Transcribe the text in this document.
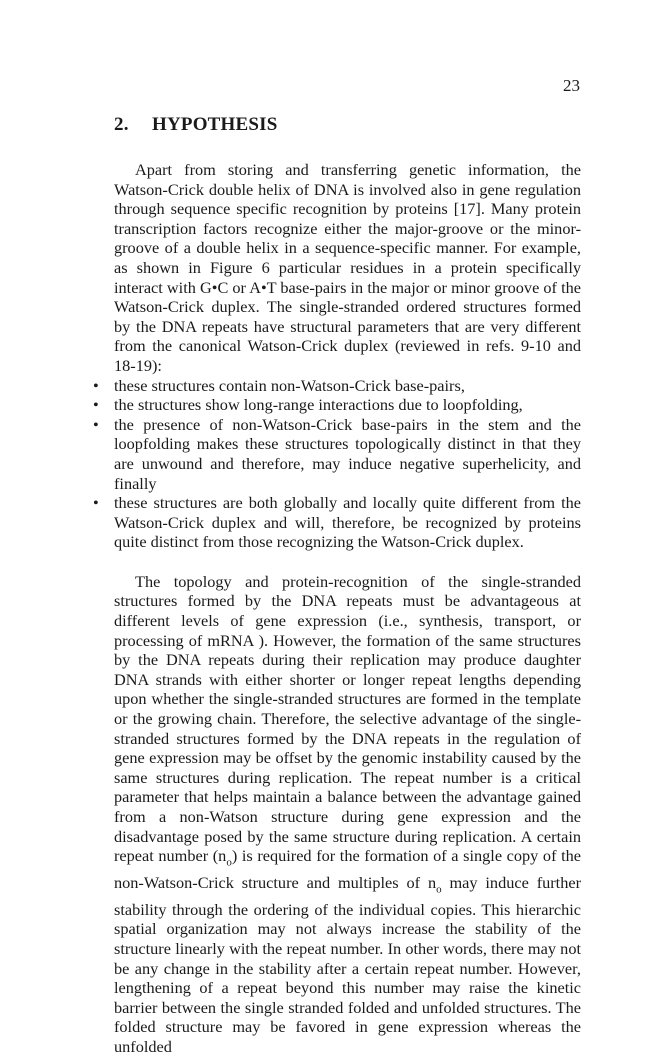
23
2. HYPOTHESIS

Apart from storing and transferring genetic information, the Watson-Crick double helix of DNA is involved also in gene regulation through sequence specific recognition by proteins [17]. Many protein transcription factors recognize either the major-groove or the minor-groove of a double helix in a sequence-specific manner. For example, as shown in Figure 6 particular residues in a protein specifically interact with G•C or A•T base-pairs in the major or minor groove of the Watson-Crick duplex. The single-stranded ordered structures formed by the DNA repeats have structural parameters that are very different from the canonical Watson-Crick duplex (reviewed in refs. 9-10 and 18-19):

• these structures contain non-Watson-Crick base-pairs,
• the structures show long-range interactions due to loopfolding,
• the presence of non-Watson-Crick base-pairs in the stem and the loopfolding makes these structures topologically distinct in that they are unwound and therefore, may induce negative superhelicity, and finally
• these structures are both globally and locally quite different from the Watson-Crick duplex and will, therefore, be recognized by proteins quite distinct from those recognizing the Watson-Crick duplex.

The topology and protein-recognition of the single-stranded structures formed by the DNA repeats must be advantageous at different levels of gene expression (i.e., synthesis, transport, or processing of mRNA ). However, the formation of the same structures by the DNA repeats during their replication may produce daughter DNA strands with either shorter or longer repeat lengths depending upon whether the single-stranded structures are formed in the template or the growing chain. Therefore, the selective advantage of the single-stranded structures formed by the DNA repeats in the regulation of gene expression may be offset by the genomic instability caused by the same structures during replication. The repeat number is a critical parameter that helps maintain a balance between the advantage gained from a non-Watson structure during gene expression and the disadvantage posed by the same structure during replication. A certain repeat number $(n_o)$ is required for the formation of a single copy of the non-Watson-Crick structure and multiples of $n_o$ may induce further stability through the ordering of the individual copies. This hierarchic spatial organization may not always increase the stability of the structure linearly with the repeat number. In other words, there may not be any change in the stability after a certain repeat number. However, lengthening of a repeat beyond this number may raise the kinetic barrier between the single stranded folded and unfolded structures. The folded structure may be favored in gene expression whereas the unfolded
